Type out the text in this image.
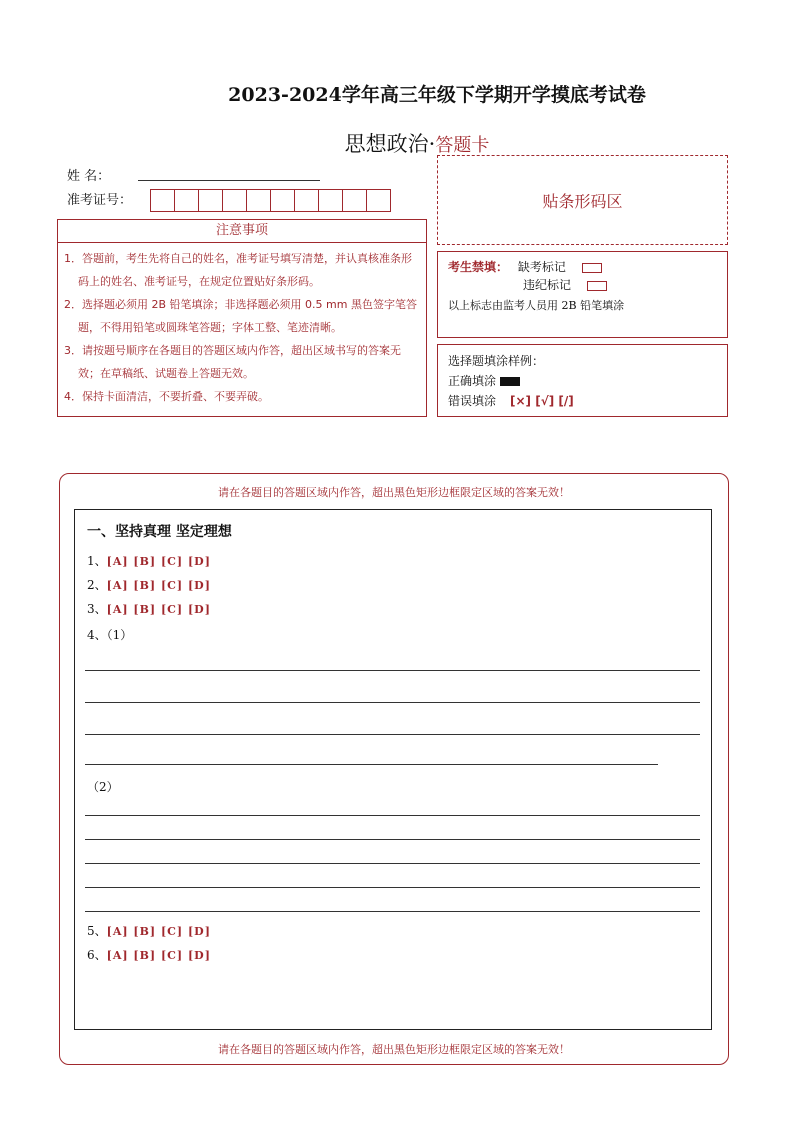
2023-2024学年高三年级下学期开学摸底考试卷
思想政治·答题卡
姓 名：
准考证号：	贴条形码区
注意事项
1．答题前，考生先将自己的姓名，准考证号填写清楚，并认真核准条形码上的姓名、准考证号，在规定位置贴好条形码。
2．选择题必须用 2B 铅笔填涂；非选择题必须用 0.5 mm 黑色签字笔答题，不得用铅笔或圆珠笔答题；字体工整、笔迹清晰。
3．请按题号顺序在各题目的答题区域内作答，超出区域书写的答案无效；在草稿纸、试题卷上答题无效。
4．保持卡面清洁，不要折叠、不要弄破。
考生禁填： 缺考标记
违纪标记
以上标志由监考人员用 2B 铅笔填涂
选择题填涂样例：
正确填涂
错误填涂 [×] [√] [/]
请在各题目的答题区域内作答，超出黑色矩形边框限定区域的答案无效！
请在各题目的答题区域内作答，超出黑色矩形边框限定区域的答案无效！
一、坚持真理 坚定理想
1、[A] [B] [C] [D]
2、[A] [B] [C] [D]
3、[A] [B] [C] [D]
4、（1）
（2）
5、[A] [B] [C] [D]
6、[A] [B] [C] [D]
